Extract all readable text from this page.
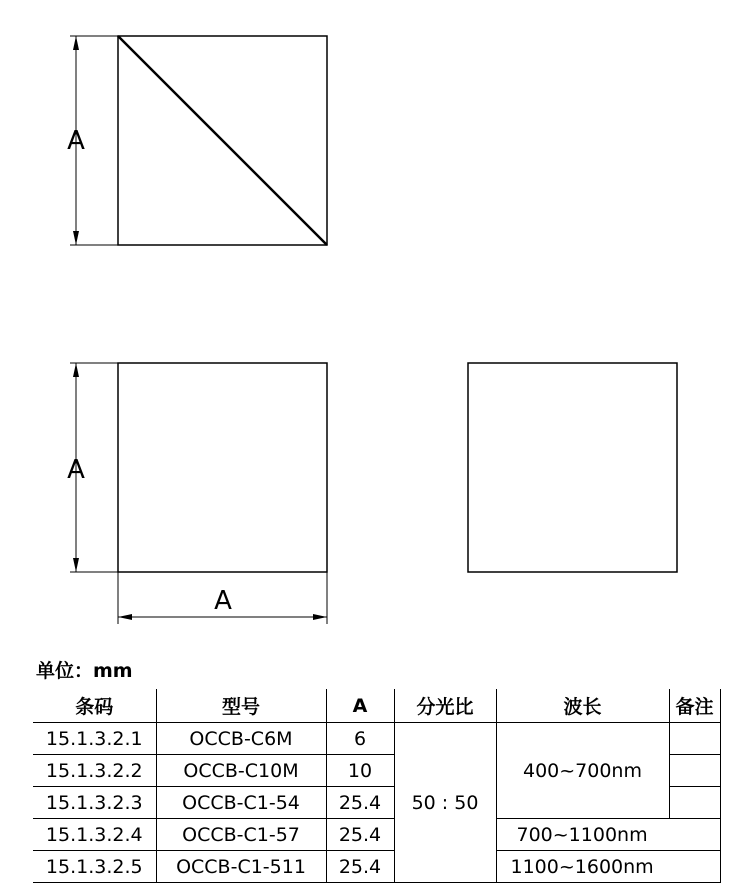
A
A
A
单位：mm
条码	型号	A	分光比	波长	备注
15.1.3.2.1	OCCB-C6M	6	50 : 50	400~700nm	
15.1.3.2.2	OCCB-C10M	10			
15.1.3.2.3	OCCB-C1-54	25.4			
15.1.3.2.4	OCCB-C1-57	25.4		700~1100nm	
15.1.3.2.5	OCCB-C1-511	25.4		1100~1600nm	
